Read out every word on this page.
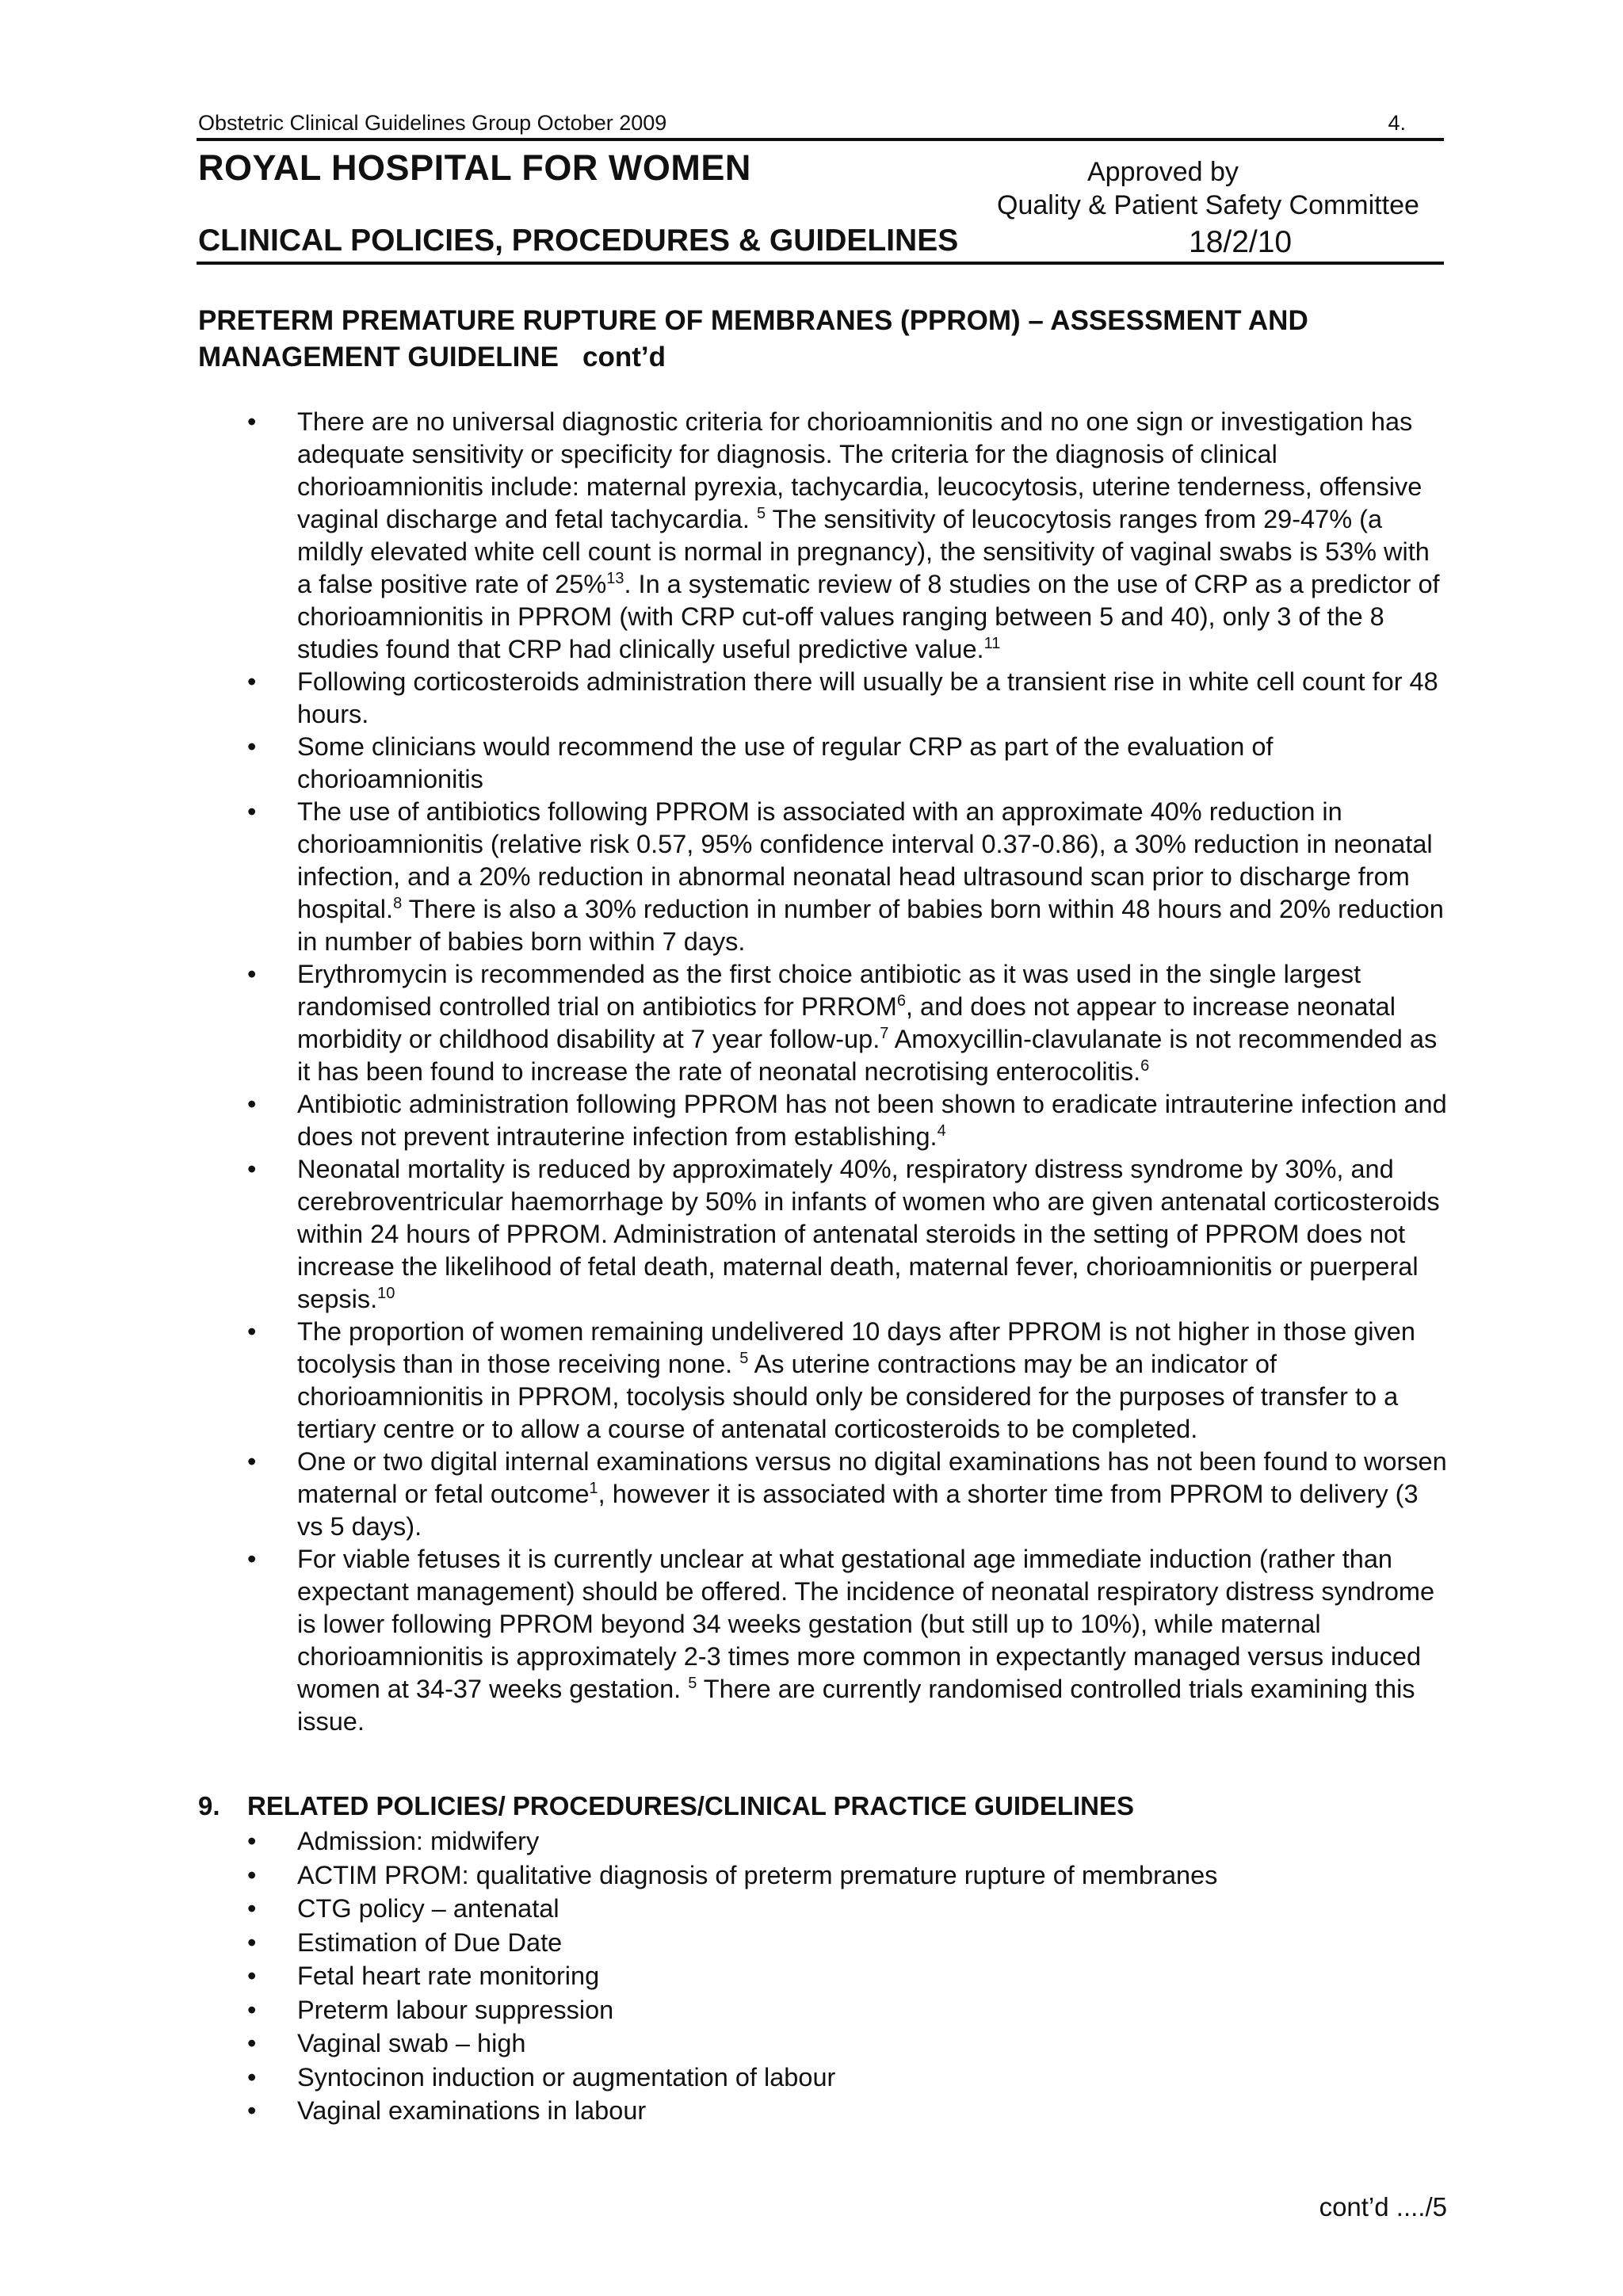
Obstetric Clinical Guidelines Group October 2009	4.
ROYAL HOSPITAL FOR WOMEN	Approved by
Quality & Patient Safety Committee
CLINICAL POLICIES, PROCEDURES & GUIDELINES	18/2/10
PRETERM PREMATURE RUPTURE OF MEMBRANES (PPROM) – ASSESSMENT AND MANAGEMENT GUIDELINE cont’d
• There are no universal diagnostic criteria for chorioamnionitis and no one sign or investigation has adequate sensitivity or specificity for diagnosis. The criteria for the diagnosis of clinical chorioamnionitis include: maternal pyrexia, tachycardia, leucocytosis, uterine tenderness, offensive vaginal discharge and fetal tachycardia. $^5$ The sensitivity of leucocytosis ranges from 29-47% (a mildly elevated white cell count is normal in pregnancy), the sensitivity of vaginal swabs is 53% with a false positive rate of 25%$^{13}$. In a systematic review of 8 studies on the use of CRP as a predictor of chorioamnionitis in PPROM (with CRP cut-off values ranging between 5 and 40), only 3 of the 8 studies found that CRP had clinically useful predictive value.$^{11}$
• Following corticosteroids administration there will usually be a transient rise in white cell count for 48 hours.
• Some clinicians would recommend the use of regular CRP as part of the evaluation of chorioamnionitis
• The use of antibiotics following PPROM is associated with an approximate 40% reduction in chorioamnionitis (relative risk 0.57, 95% confidence interval 0.37-0.86), a 30% reduction in neonatal infection, and a 20% reduction in abnormal neonatal head ultrasound scan prior to discharge from hospital.$^8$ There is also a 30% reduction in number of babies born within 48 hours and 20% reduction in number of babies born within 7 days.
• Erythromycin is recommended as the first choice antibiotic as it was used in the single largest randomised controlled trial on antibiotics for PRROM$^6$, and does not appear to increase neonatal morbidity or childhood disability at 7 year follow-up.$^7$ Amoxycillin-clavulanate is not recommended as it has been found to increase the rate of neonatal necrotising enterocolitis.$^6$
• Antibiotic administration following PPROM has not been shown to eradicate intrauterine infection and does not prevent intrauterine infection from establishing.$^4$
• Neonatal mortality is reduced by approximately 40%, respiratory distress syndrome by 30%, and cerebroventricular haemorrhage by 50% in infants of women who are given antenatal corticosteroids within 24 hours of PPROM. Administration of antenatal steroids in the setting of PPROM does not increase the likelihood of fetal death, maternal death, maternal fever, chorioamnionitis or puerperal sepsis.$^{10}$
• The proportion of women remaining undelivered 10 days after PPROM is not higher in those given tocolysis than in those receiving none. $^5$ As uterine contractions may be an indicator of chorioamnionitis in PPROM, tocolysis should only be considered for the purposes of transfer to a tertiary centre or to allow a course of antenatal corticosteroids to be completed.
• One or two digital internal examinations versus no digital examinations has not been found to worsen maternal or fetal outcome$^1$, however it is associated with a shorter time from PPROM to delivery (3 vs 5 days).
• For viable fetuses it is currently unclear at what gestational age immediate induction (rather than expectant management) should be offered. The incidence of neonatal respiratory distress syndrome is lower following PPROM beyond 34 weeks gestation (but still up to 10%), while maternal chorioamnionitis is approximately 2-3 times more common in expectantly managed versus induced women at 34-37 weeks gestation. $^5$ There are currently randomised controlled trials examining this issue.
9. RELATED POLICIES/ PROCEDURES/CLINICAL PRACTICE GUIDELINES
• Admission: midwifery
• ACTIM PROM: qualitative diagnosis of preterm premature rupture of membranes
• CTG policy – antenatal
• Estimation of Due Date
• Fetal heart rate monitoring
• Preterm labour suppression
• Vaginal swab – high
• Syntocinon induction or augmentation of labour
• Vaginal examinations in labour
cont’d ..../5
